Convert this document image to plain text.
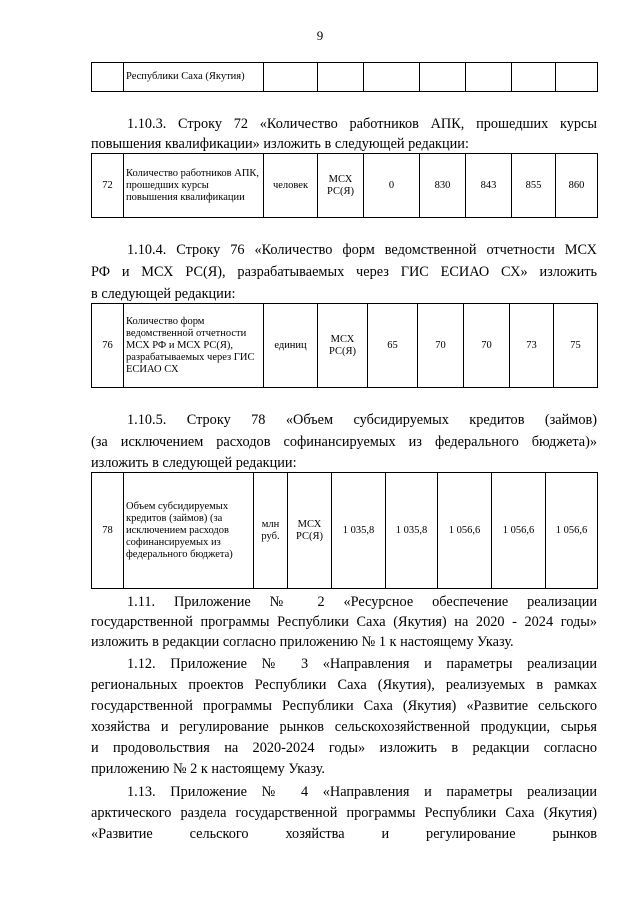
9
	Республики Саха (Якутия)							
1.10.3. Строку 72 «Количество работников АПК, прошедших курсы
повышения квалификации» изложить в следующей редакции:
72	Количество работников АПК, прошедших курсы повышения квалификации	человек	МСХ РС(Я)	0	830	843	855	860
1.10.4. Строку 76 «Количество форм ведомственной отчетности МСХ
РФ и МСХ РС(Я), разрабатываемых через ГИС ЕСИАО СХ» изложить
в следующей редакции:
76	Количество форм ведомственной отчетности МСХ РФ и МСХ РС(Я), разрабатываемых через ГИС ЕСИАО СХ	единиц	МСХ РС(Я)	65	70	70	73	75
1.10.5. Строку 78 «Объем субсидируемых кредитов (займов)
(за исключением расходов софинансируемых из федерального бюджета)»
изложить в следующей редакции:
78	Объем субсидируемых кредитов (займов) (за исключением расходов софинансируемых из федерального бюджета)	млн руб.	МСХ РС(Я)	1 035,8	1 035,8	1 056,6	1 056,6	1 056,6
1.11. Приложение № 2 «Ресурсное обеспечение реализации
государственной программы Республики Саха (Якутия) на 2020 - 2024 годы»
изложить в редакции согласно приложению № 1 к настоящему Указу.
1.12. Приложение № 3 «Направления и параметры реализации
региональных проектов Республики Саха (Якутия), реализуемых в рамках
государственной программы Республики Саха (Якутия) «Развитие сельского
хозяйства и регулирование рынков сельскохозяйственной продукции, сырья
и продовольствия на 2020-2024 годы» изложить в редакции согласно
приложению № 2 к настоящему Указу.
1.13. Приложение № 4 «Направления и параметры реализации
арктического раздела государственной программы Республики Саха (Якутия)
«Развитие сельского хозяйства и регулирование рынков
